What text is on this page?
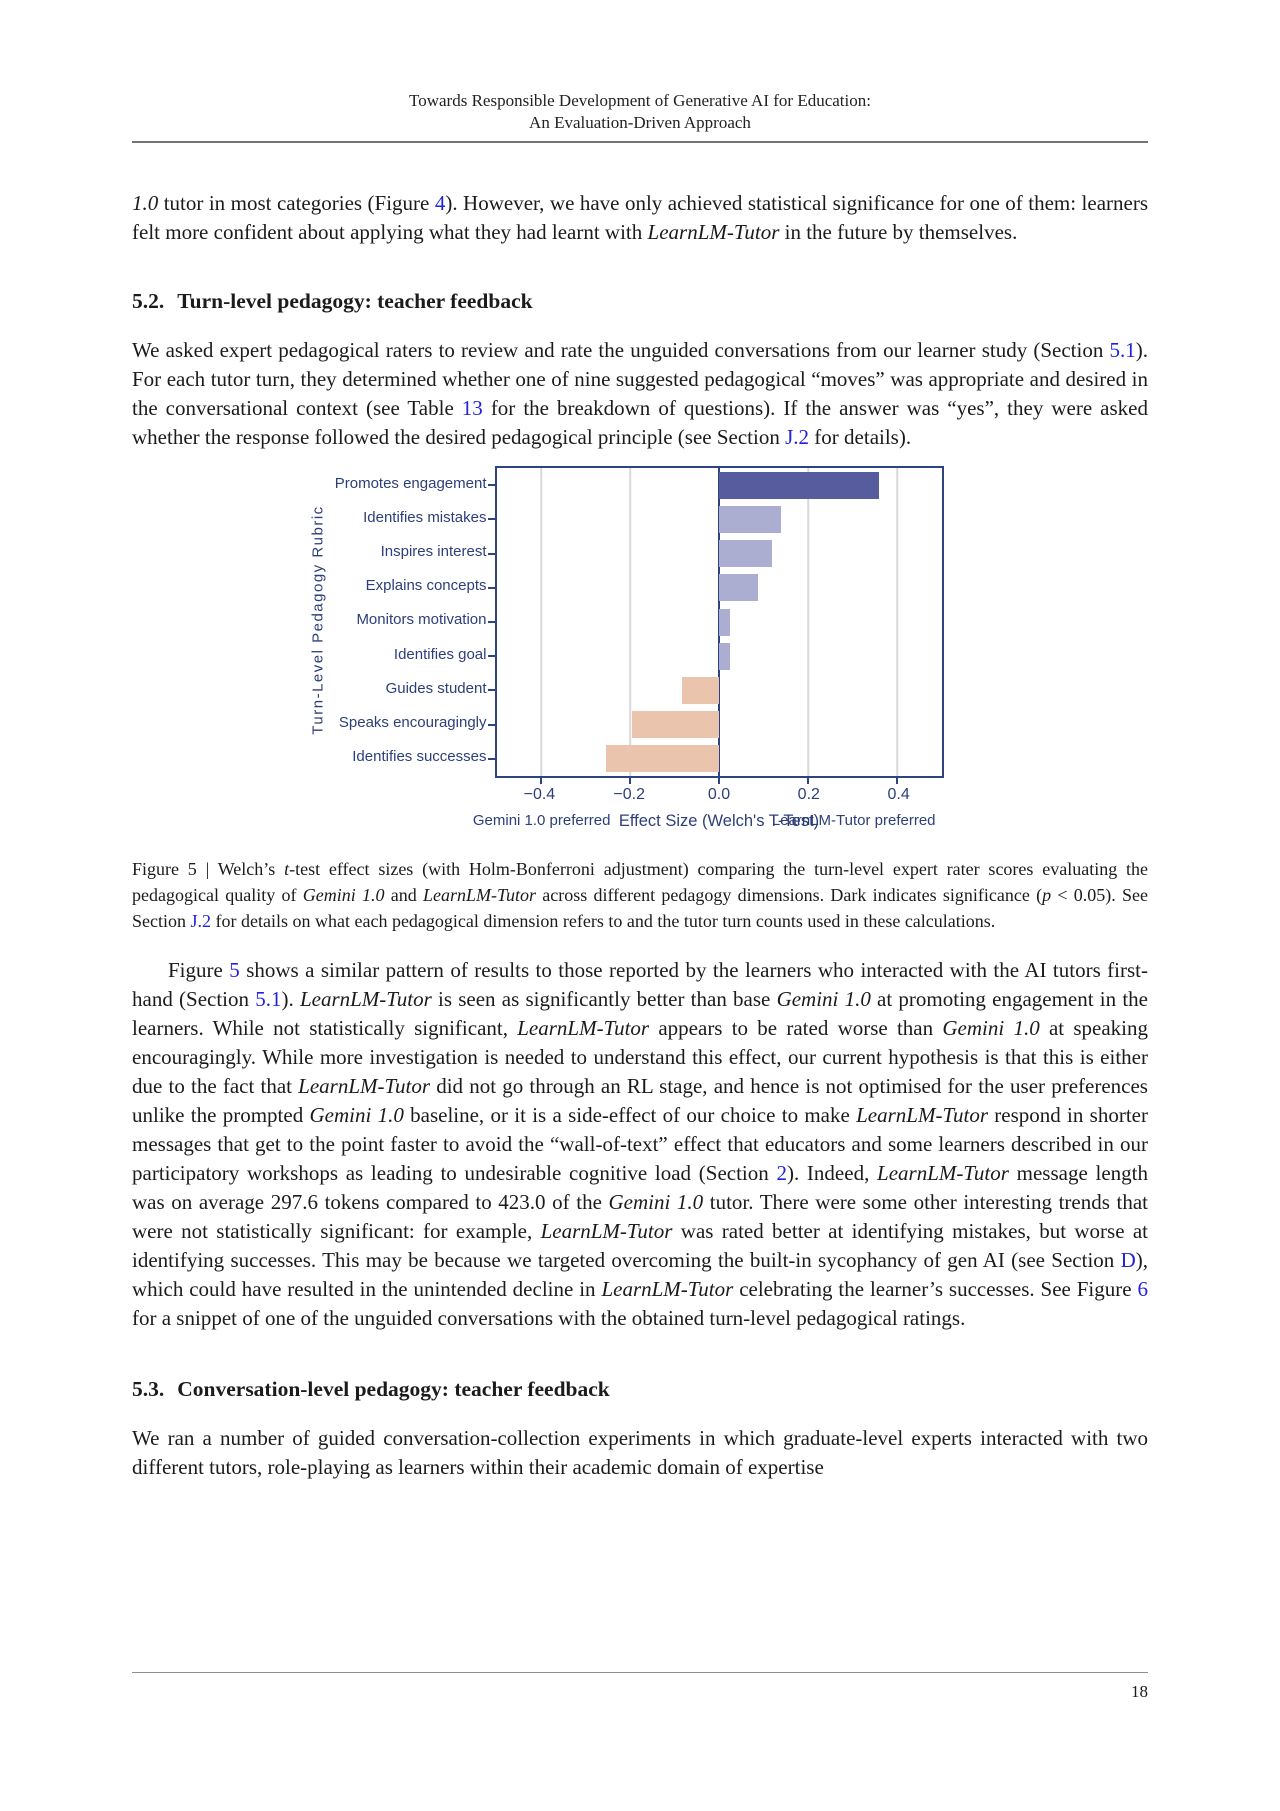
Towards Responsible Development of Generative AI for Education:
An Evaluation-Driven Approach

1.0 tutor in most categories (Figure 4). However, we have only achieved statistical significance for one of them: learners felt more confident about applying what they had learnt with LearnLM-Tutor in the future by themselves.

5.2. Turn-level pedagogy: teacher feedback

We asked expert pedagogical raters to review and rate the unguided conversations from our learner study (Section 5.1). For each tutor turn, they determined whether one of nine suggested pedagogical “moves” was appropriate and desired in the conversational context (see Table 13 for the breakdown of questions). If the answer was “yes”, they were asked whether the response followed the desired pedagogical principle (see Section J.2 for details).

Turn-Level Pedagogy Rubric
Promotes engagement
Identifies mistakes
Inspires interest
Explains concepts
Monitors motivation
Identifies goal
Guides student
Speaks encouragingly
Identifies successes
−0.4	−0.2	0.0	0.2	0.4
Gemini 1.0 preferred Effect Size (Welch's T-Test)
LearnLM-Tutor preferred
Figure 5 | Welch’s t-test effect sizes (with Holm-Bonferroni adjustment) comparing the turn-level expert rater scores evaluating the pedagogical quality of Gemini 1.0 and LearnLM-Tutor across different pedagogy dimensions. Dark indicates significance (p < 0.05). See Section J.2 for details on what each pedagogical dimension refers to and the tutor turn counts used in these calculations.

Figure 5 shows a similar pattern of results to those reported by the learners who interacted with the AI tutors first-hand (Section 5.1). LearnLM-Tutor is seen as significantly better than base Gemini 1.0 at promoting engagement in the learners. While not statistically significant, LearnLM-Tutor appears to be rated worse than Gemini 1.0 at speaking encouragingly. While more investigation is needed to understand this effect, our current hypothesis is that this is either due to the fact that LearnLM-Tutor did not go through an RL stage, and hence is not optimised for the user preferences unlike the prompted Gemini 1.0 baseline, or it is a side-effect of our choice to make LearnLM-Tutor respond in shorter messages that get to the point faster to avoid the “wall-of-text” effect that educators and some learners described in our participatory workshops as leading to undesirable cognitive load (Section 2). Indeed, LearnLM-Tutor message length was on average 297.6 tokens compared to 423.0 of the Gemini 1.0 tutor. There were some other interesting trends that were not statistically significant: for example, LearnLM-Tutor was rated better at identifying mistakes, but worse at identifying successes. This may be because we targeted overcoming the built-in sycophancy of gen AI (see Section D), which could have resulted in the unintended decline in LearnLM-Tutor celebrating the learner’s successes. See Figure 6 for a snippet of one of the unguided conversations with the obtained turn-level pedagogical ratings.

5.3. Conversation-level pedagogy: teacher feedback

We ran a number of guided conversation-collection experiments in which graduate-level experts interacted with two different tutors, role-playing as learners within their academic domain of expertise

18
